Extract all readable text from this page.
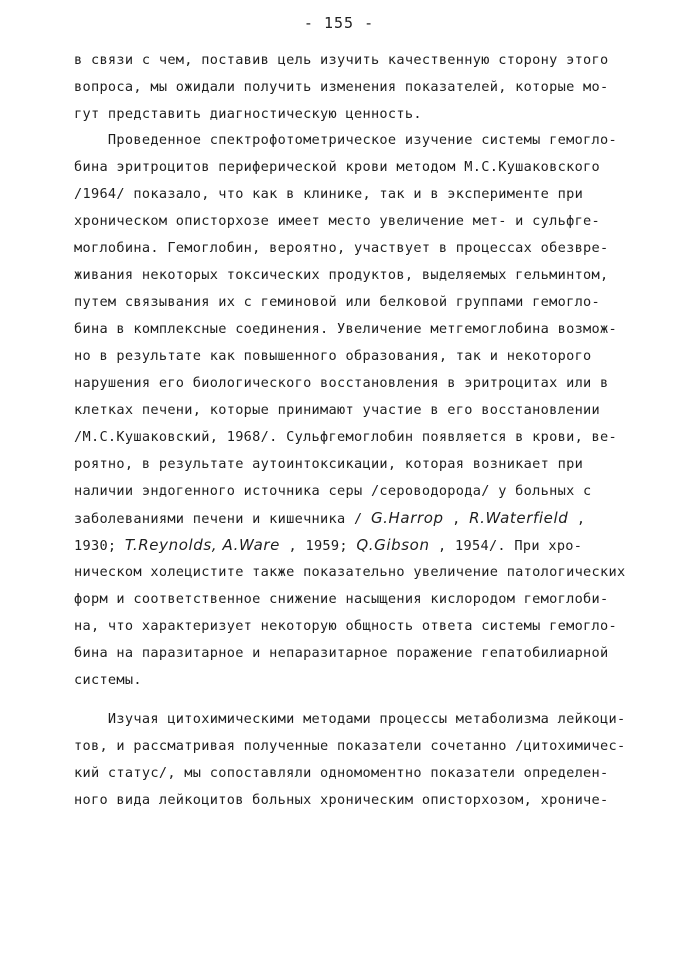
- 155 -
в связи с чем, поставив цель изучить качественную сторону этого
вопроса, мы ожидали получить изменения показателей, которые мо-
гут представить диагностическую ценность.
Проведенное спектрофотометрическое изучение системы гемогло-
бина эритроцитов периферической крови методом М.С.Кушаковского
/1964/ показало, что как в клинике, так и в эксперименте при
хроническом описторхозе имеет место увеличение мет- и сульфге-
моглобина. Гемоглобин, вероятно, участвует в процессах обезвре-
живания некоторых токсических продуктов, выделяемых гельминтом,
путем связывания их с геминовой или белковой группами гемогло-
бина в комплексные соединения. Увеличение метгемоглобина возмож-
но в результате как повышенного образования, так и некоторого
нарушения его биологического восстановления в эритроцитах или в
клетках печени, которые принимают участие в его восстановлении
/М.С.Кушаковский, 1968/. Сульфгемоглобин появляется в крови, ве-
роятно, в результате аутоинтоксикации, которая возникает при
наличии эндогенного источника серы /сероводорода/ у больных с
заболеваниями печени и кишечника / G.Harrop , R.Waterfield ,
1930; T.Reynolds, A.Ware , 1959; Q.Gibson , 1954/. При хро-
ническом холецистите также показательно увеличение патологических
форм и соответственное снижение насыщения кислородом гемоглоби-
на, что характеризует некоторую общность ответа системы гемогло-
бина на паразитарное и непаразитарное поражение гепатобилиарной
системы.
Изучая цитохимическими методами процессы метаболизма лейкоци-
тов, и рассматривая полученные показатели сочетанно /цитохимичес-
кий статус/, мы сопоставляли одномоментно показатели определен-
ного вида лейкоцитов больных хроническим описторхозом, хрониче-
